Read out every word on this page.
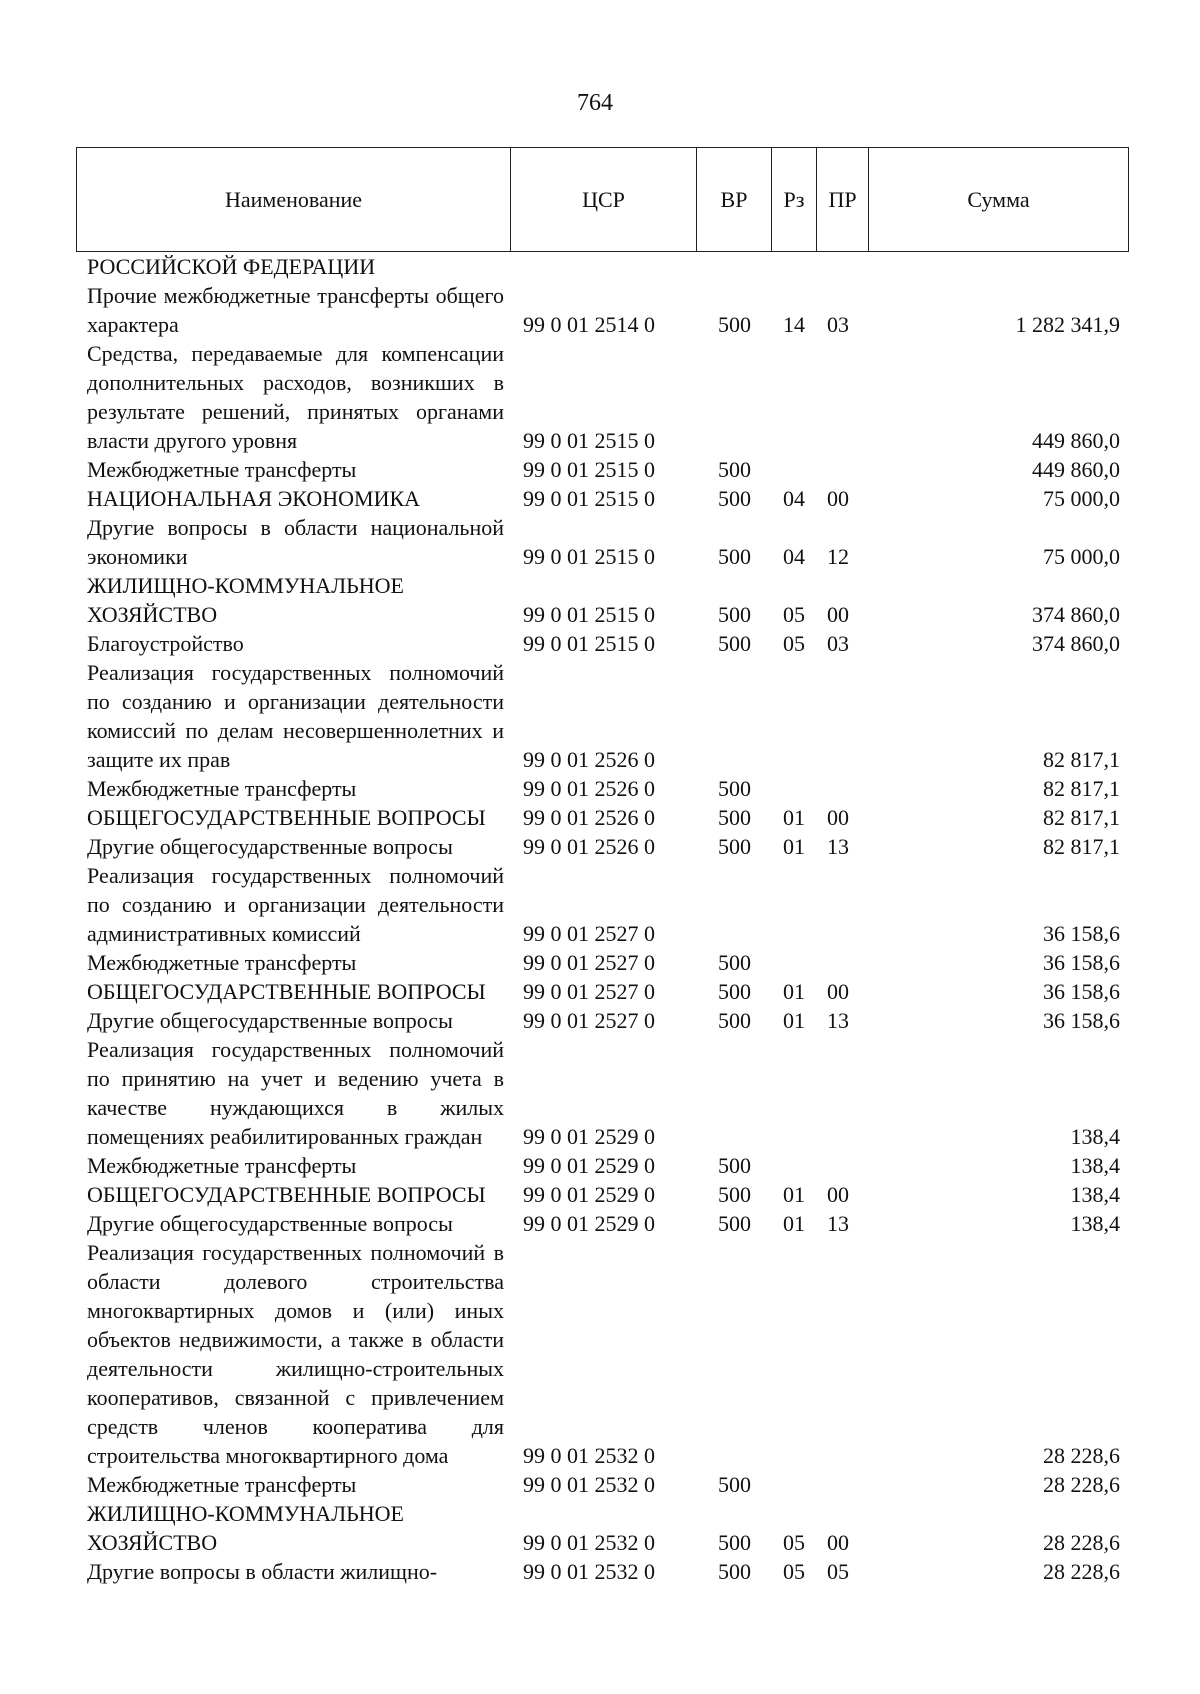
764
Наименование	ЦСР	ВР	Рз	ПР	Сумма
РОССИЙСКОЙ ФЕДЕРАЦИИ					
Прочие межбюджетные трансферты общего характера	99 0 01 2514 0	500	14	03	1 282 341,9
Средства, передаваемые для компенсации дополнительных расходов, возникших в результате решений, принятых органами власти другого уровня	99 0 01 2515 0				449 860,0
Межбюджетные трансферты	99 0 01 2515 0	500			449 860,0
НАЦИОНАЛЬНАЯ ЭКОНОМИКА	99 0 01 2515 0	500	04	00	75 000,0
Другие вопросы в области национальной экономики	99 0 01 2515 0	500	04	12	75 000,0
ЖИЛИЩНО-КОММУНАЛЬНОЕ ХОЗЯЙСТВО	99 0 01 2515 0	500	05	00	374 860,0
Благоустройство	99 0 01 2515 0	500	05	03	374 860,0
Реализация государственных полномочий по созданию и организации деятельности комиссий по делам несовершеннолетних и защите их прав	99 0 01 2526 0				82 817,1
Межбюджетные трансферты	99 0 01 2526 0	500			82 817,1
ОБЩЕГОСУДАРСТВЕННЫЕ ВОПРОСЫ	99 0 01 2526 0	500	01	00	82 817,1
Другие общегосударственные вопросы	99 0 01 2526 0	500	01	13	82 817,1
Реализация государственных полномочий по созданию и организации деятельности административных комиссий	99 0 01 2527 0				36 158,6
Межбюджетные трансферты	99 0 01 2527 0	500			36 158,6
ОБЩЕГОСУДАРСТВЕННЫЕ ВОПРОСЫ	99 0 01 2527 0	500	01	00	36 158,6
Другие общегосударственные вопросы	99 0 01 2527 0	500	01	13	36 158,6
Реализация государственных полномочий по принятию на учет и ведению учета в качестве нуждающихся в жилых помещениях реабилитированных граждан	99 0 01 2529 0				138,4
Межбюджетные трансферты	99 0 01 2529 0	500			138,4
ОБЩЕГОСУДАРСТВЕННЫЕ ВОПРОСЫ	99 0 01 2529 0	500	01	00	138,4
Другие общегосударственные вопросы	99 0 01 2529 0	500	01	13	138,4
Реализация государственных полномочий в области долевого строительства многоквартирных домов и (или) иных объектов недвижимости, а также в области деятельности жилищно-строительных кооперативов, связанной с привлечением средств членов кооператива для строительства многоквартирного дома	99 0 01 2532 0				28 228,6
Межбюджетные трансферты	99 0 01 2532 0	500			28 228,6
ЖИЛИЩНО-КОММУНАЛЬНОЕ ХОЗЯЙСТВО	99 0 01 2532 0	500	05	00	28 228,6
Другие вопросы в области жилищно-	99 0 01 2532 0	500	05	05	28 228,6
